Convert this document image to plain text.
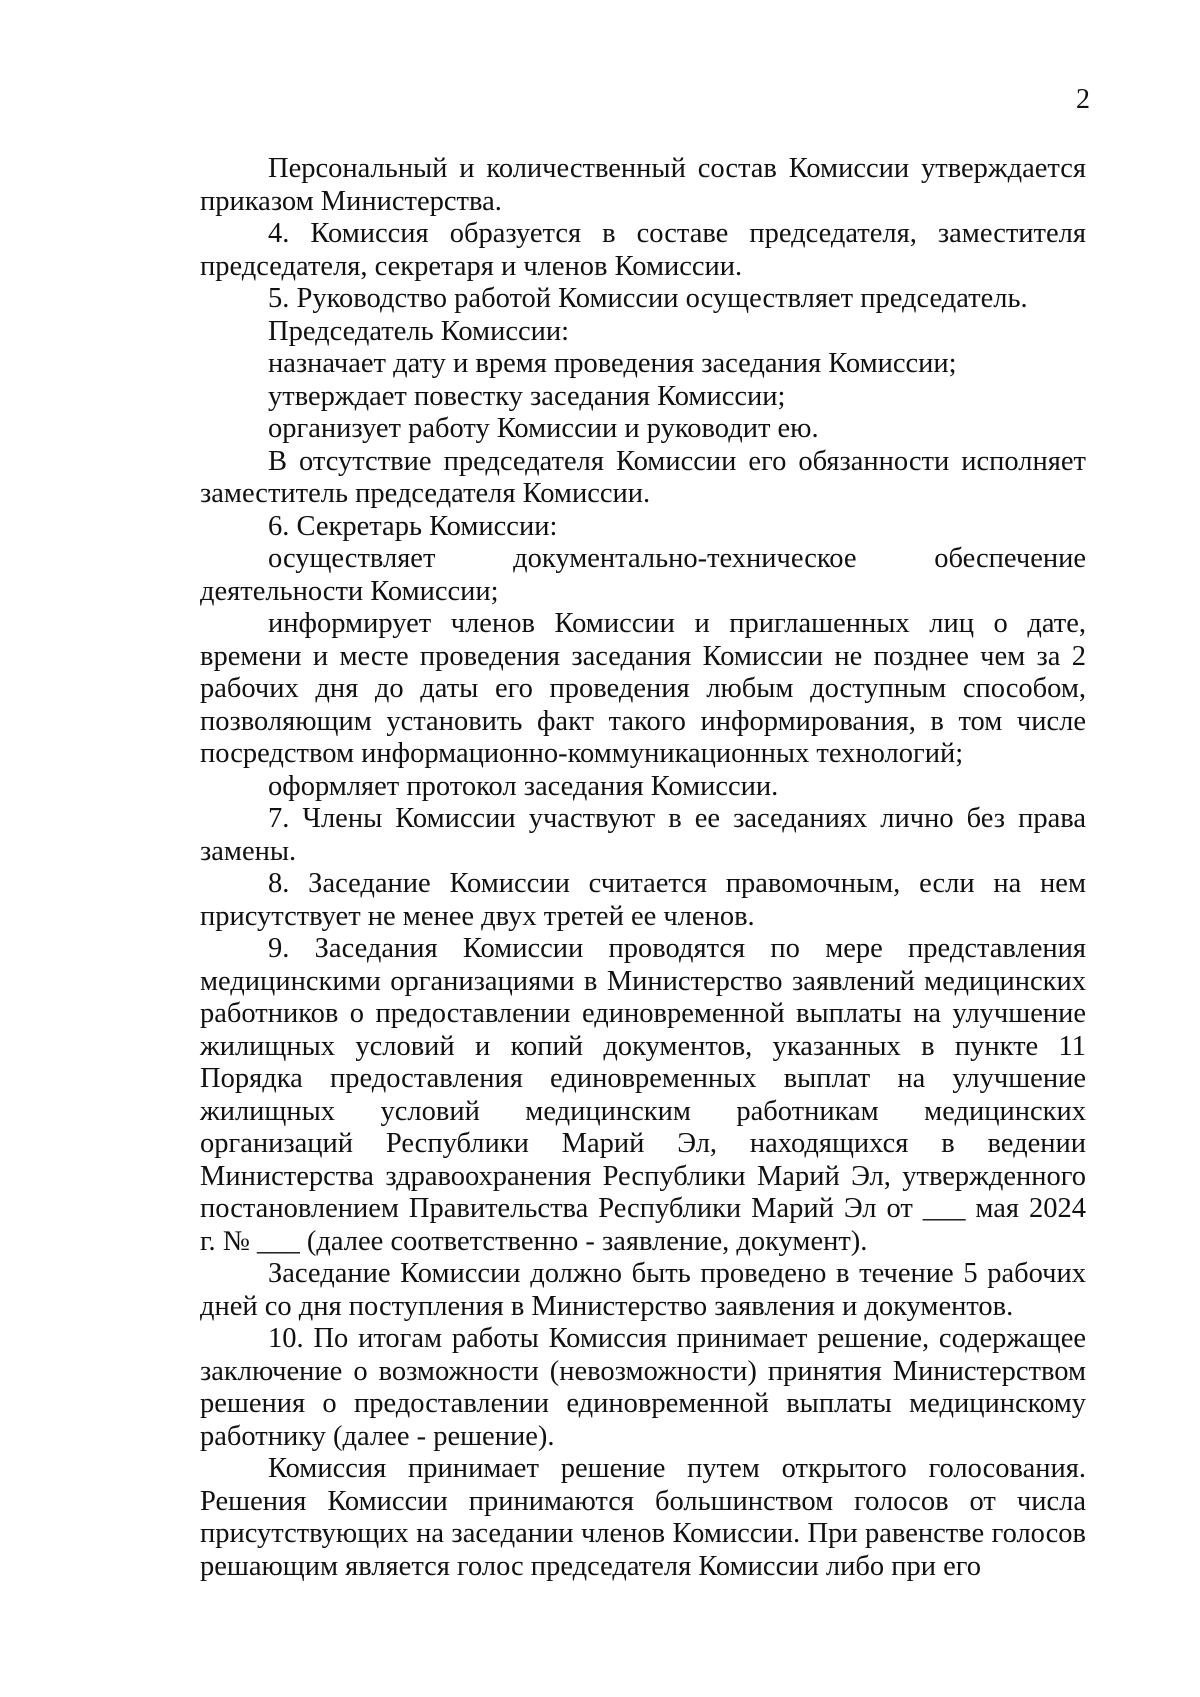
2

Персональный и количественный состав Комиссии утверждается приказом Министерства.

4. Комиссия образуется в составе председателя, заместителя председателя, секретаря и членов Комиссии.

5. Руководство работой Комиссии осуществляет председатель.

Председатель Комиссии:

назначает дату и время проведения заседания Комиссии;

утверждает повестку заседания Комиссии;

организует работу Комиссии и руководит ею.

В отсутствие председателя Комиссии его обязанности исполняет заместитель председателя Комиссии.

6. Секретарь Комиссии:

осуществляет документально-техническое обеспечение деятельности Комиссии;

информирует членов Комиссии и приглашенных лиц о дате, времени и месте проведения заседания Комиссии не позднее чем за 2 рабочих дня до даты его проведения любым доступным способом, позволяющим установить факт такого информирования, в том числе посредством информационно-коммуникационных технологий;

оформляет протокол заседания Комиссии.

7. Члены Комиссии участвуют в ее заседаниях лично без права замены.

8. Заседание Комиссии считается правомочным, если на нем присутствует не менее двух третей ее членов.

9. Заседания Комиссии проводятся по мере представления медицинскими организациями в Министерство заявлений медицинских работников о предоставлении единовременной выплаты на улучшение жилищных условий и копий документов, указанных в пункте 11 Порядка предоставления единовременных выплат на улучшение жилищных условий медицинским работникам медицинских организаций Республики Марий Эл, находящихся в ведении Министерства здравоохранения Республики Марий Эл, утвержденного постановлением Правительства Республики Марий Эл от ___ мая 2024 г. № ___ (далее соответственно - заявление, документ).

Заседание Комиссии должно быть проведено в течение 5 рабочих дней со дня поступления в Министерство заявления и документов.

10. По итогам работы Комиссия принимает решение, содержащее заключение о возможности (невозможности) принятия Министерством решения о предоставлении единовременной выплаты медицинскому работнику (далее - решение).

Комиссия принимает решение путем открытого голосования. Решения Комиссии принимаются большинством голосов от числа присутствующих на заседании членов Комиссии. При равенстве голосов решающим является голос председателя Комиссии либо при его
